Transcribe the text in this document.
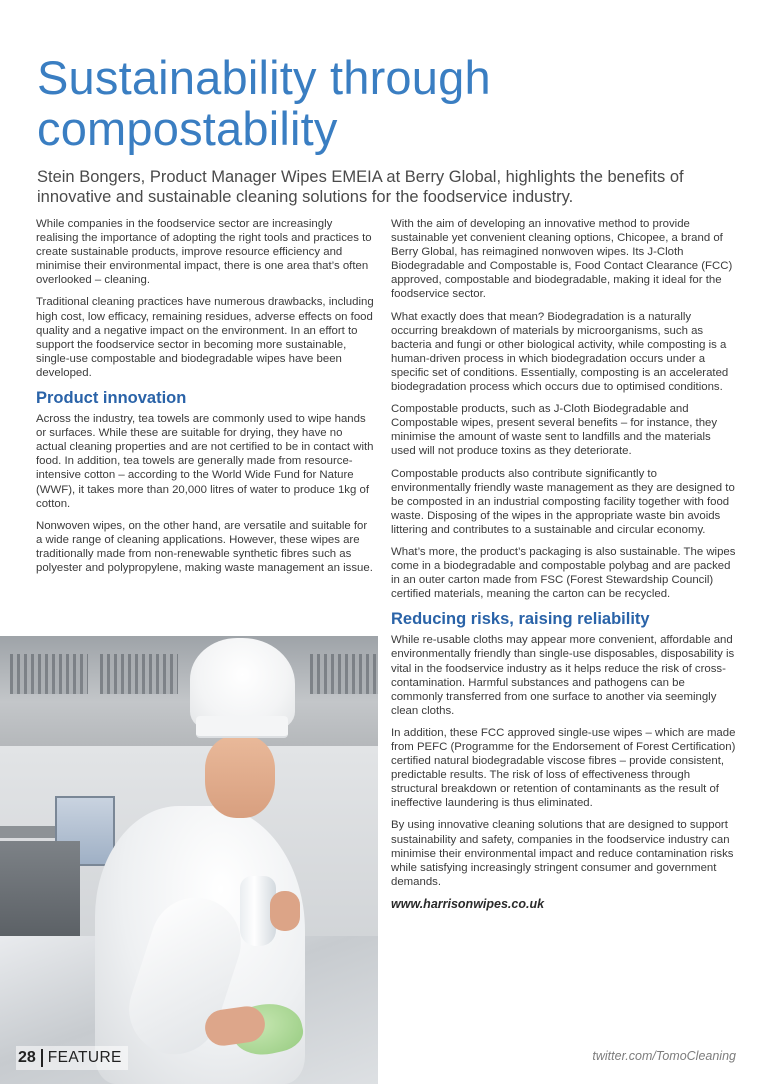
Sustainability through compostability
Stein Bongers, Product Manager Wipes EMEIA at Berry Global, highlights the benefits of innovative and sustainable cleaning solutions for the foodservice industry.

While companies in the foodservice sector are increasingly realising the importance of adopting the right tools and practices to create sustainable products, improve resource efficiency and minimise their environmental impact, there is one area that’s often overlooked – cleaning.

Traditional cleaning practices have numerous drawbacks, including high cost, low efficacy, remaining residues, adverse effects on food quality and a negative impact on the environment. In an effort to support the foodservice sector in becoming more sustainable, single-use compostable and biodegradable wipes have been developed.

Product innovation

Across the industry, tea towels are commonly used to wipe hands or surfaces. While these are suitable for drying, they have no actual cleaning properties and are not certified to be in contact with food. In addition, tea towels are generally made from resource-intensive cotton – according to the World Wide Fund for Nature (WWF), it takes more than 20,000 litres of water to produce 1kg of cotton.

Nonwoven wipes, on the other hand, are versatile and suitable for a wide range of cleaning applications. However, these wipes are traditionally made from non-renewable synthetic fibres such as polyester and polypropylene, making waste management an issue.

With the aim of developing an innovative method to provide sustainable yet convenient cleaning options, Chicopee, a brand of Berry Global, has reimagined nonwoven wipes. Its J-Cloth Biodegradable and Compostable is, Food Contact Clearance (FCC) approved, compostable and biodegradable, making it ideal for the foodservice sector.

What exactly does that mean? Biodegradation is a naturally occurring breakdown of materials by microorganisms, such as bacteria and fungi or other biological activity, while composting is a human-driven process in which biodegradation occurs under a specific set of conditions. Essentially, composting is an accelerated biodegradation process which occurs due to optimised conditions.

Compostable products, such as J-Cloth Biodegradable and Compostable wipes, present several benefits – for instance, they minimise the amount of waste sent to landfills and the materials used will not produce toxins as they deteriorate.

Compostable products also contribute significantly to environmentally friendly waste management as they are designed to be composted in an industrial composting facility together with food waste. Disposing of the wipes in the appropriate waste bin avoids littering and contributes to a sustainable and circular economy.

What’s more, the product’s packaging is also sustainable. The wipes come in a biodegradable and compostable polybag and are packed in an outer carton made from FSC (Forest Stewardship Council) certified materials, meaning the carton can be recycled.

Reducing risks, raising reliability

While re-usable cloths may appear more convenient, affordable and environmentally friendly than single-use disposables, disposability is vital in the foodservice industry as it helps reduce the risk of cross-contamination. Harmful substances and pathogens can be commonly transferred from one surface to another via seemingly clean cloths.

In addition, these FCC approved single-use wipes – which are made from PEFC (Programme for the Endorsement of Forest Certification) certified natural biodegradable viscose fibres – provide consistent, predictable results. The risk of loss of effectiveness through structural breakdown or retention of contaminants as the result of ineffective laundering is thus eliminated.

By using innovative cleaning solutions that are designed to support sustainability and safety, companies in the foodservice industry can minimise their environmental impact and reduce contamination risks while satisfying increasingly stringent consumer and government demands.

www.harrisonwipes.co.uk
28 FEATURE	twitter.com/TomoCleaning
